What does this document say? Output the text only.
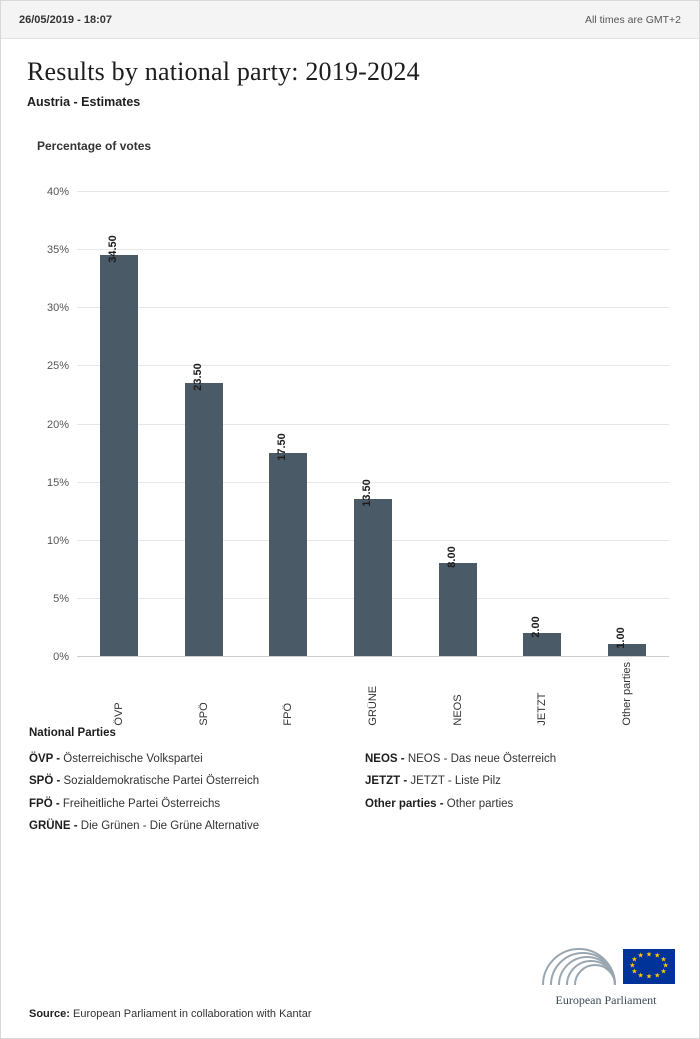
26/05/2019 - 18:07	All times are GMT+2
Results by national party: 2019-2024
Austria - Estimates
Percentage of votes
0%
5%
10%
15%
20%
25%
30%
35%
40%
34.50
23.50
17.50
13.50
8.00
2.00
1.00
ÖVP	SPÖ	FPÖ	GRÜNE	NEOS	JETZT	Other parties
National Parties
ÖVP - Österreichische Volkspartei
SPÖ - Sozialdemokratische Partei Österreich
FPÖ - Freiheitliche Partei Österreichs
GRÜNE - Die Grünen - Die Grüne Alternative
NEOS - NEOS - Das neue Österreich
JETZT - JETZT - Liste Pilz
Other parties - Other parties
★ ★
★
★
★
★
★
★
★
★
★
★
European Parliament
Source: European Parliament in collaboration with Kantar
